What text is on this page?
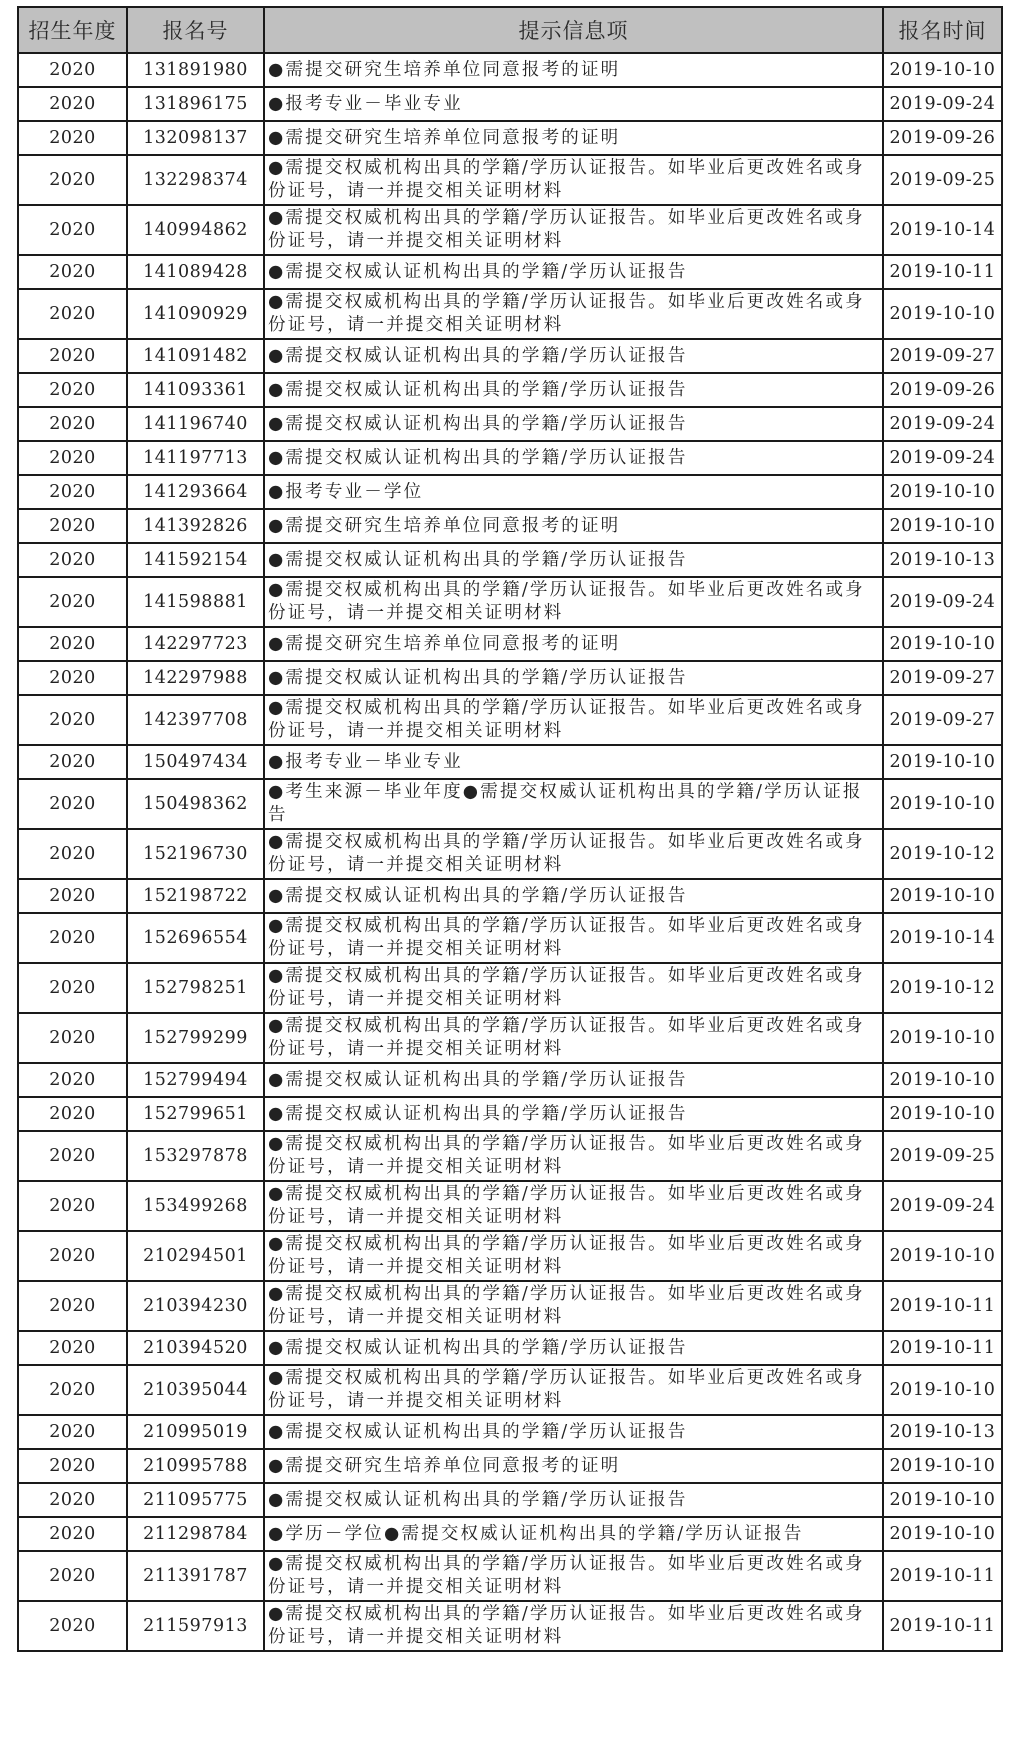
招生年度	报名号	提示信息项	报名时间
2020	131891980	●需提交研究生培养单位同意报考的证明	2019-10-10
2020	131896175	●报考专业－毕业专业	2019-09-24
2020	132098137	●需提交研究生培养单位同意报考的证明	2019-09-26
2020	132298374	●需提交权威机构出具的学籍/学历认证报告。如毕业后更改姓名或身份证号，请一并提交相关证明材料	2019-09-25
2020	140994862	●需提交权威机构出具的学籍/学历认证报告。如毕业后更改姓名或身份证号，请一并提交相关证明材料	2019-10-14
2020	141089428	●需提交权威认证机构出具的学籍/学历认证报告	2019-10-11
2020	141090929	●需提交权威机构出具的学籍/学历认证报告。如毕业后更改姓名或身份证号，请一并提交相关证明材料	2019-10-10
2020	141091482	●需提交权威认证机构出具的学籍/学历认证报告	2019-09-27
2020	141093361	●需提交权威认证机构出具的学籍/学历认证报告	2019-09-26
2020	141196740	●需提交权威认证机构出具的学籍/学历认证报告	2019-09-24
2020	141197713	●需提交权威认证机构出具的学籍/学历认证报告	2019-09-24
2020	141293664	●报考专业－学位	2019-10-10
2020	141392826	●需提交研究生培养单位同意报考的证明	2019-10-10
2020	141592154	●需提交权威认证机构出具的学籍/学历认证报告	2019-10-13
2020	141598881	●需提交权威机构出具的学籍/学历认证报告。如毕业后更改姓名或身份证号，请一并提交相关证明材料	2019-09-24
2020	142297723	●需提交研究生培养单位同意报考的证明	2019-10-10
2020	142297988	●需提交权威认证机构出具的学籍/学历认证报告	2019-09-27
2020	142397708	●需提交权威机构出具的学籍/学历认证报告。如毕业后更改姓名或身份证号，请一并提交相关证明材料	2019-09-27
2020	150497434	●报考专业－毕业专业	2019-10-10
2020	150498362	●考生来源－毕业年度●需提交权威认证机构出具的学籍/学历认证报告	2019-10-10
2020	152196730	●需提交权威机构出具的学籍/学历认证报告。如毕业后更改姓名或身份证号，请一并提交相关证明材料	2019-10-12
2020	152198722	●需提交权威认证机构出具的学籍/学历认证报告	2019-10-10
2020	152696554	●需提交权威机构出具的学籍/学历认证报告。如毕业后更改姓名或身份证号，请一并提交相关证明材料	2019-10-14
2020	152798251	●需提交权威机构出具的学籍/学历认证报告。如毕业后更改姓名或身份证号，请一并提交相关证明材料	2019-10-12
2020	152799299	●需提交权威机构出具的学籍/学历认证报告。如毕业后更改姓名或身份证号，请一并提交相关证明材料	2019-10-10
2020	152799494	●需提交权威认证机构出具的学籍/学历认证报告	2019-10-10
2020	152799651	●需提交权威认证机构出具的学籍/学历认证报告	2019-10-10
2020	153297878	●需提交权威机构出具的学籍/学历认证报告。如毕业后更改姓名或身份证号，请一并提交相关证明材料	2019-09-25
2020	153499268	●需提交权威机构出具的学籍/学历认证报告。如毕业后更改姓名或身份证号，请一并提交相关证明材料	2019-09-24
2020	210294501	●需提交权威机构出具的学籍/学历认证报告。如毕业后更改姓名或身份证号，请一并提交相关证明材料	2019-10-10
2020	210394230	●需提交权威机构出具的学籍/学历认证报告。如毕业后更改姓名或身份证号，请一并提交相关证明材料	2019-10-11
2020	210394520	●需提交权威认证机构出具的学籍/学历认证报告	2019-10-11
2020	210395044	●需提交权威机构出具的学籍/学历认证报告。如毕业后更改姓名或身份证号，请一并提交相关证明材料	2019-10-10
2020	210995019	●需提交权威认证机构出具的学籍/学历认证报告	2019-10-13
2020	210995788	●需提交研究生培养单位同意报考的证明	2019-10-10
2020	211095775	●需提交权威认证机构出具的学籍/学历认证报告	2019-10-10
2020	211298784	●学历－学位●需提交权威认证机构出具的学籍/学历认证报告	2019-10-10
2020	211391787	●需提交权威机构出具的学籍/学历认证报告。如毕业后更改姓名或身份证号，请一并提交相关证明材料	2019-10-11
2020	211597913	●需提交权威机构出具的学籍/学历认证报告。如毕业后更改姓名或身份证号，请一并提交相关证明材料	2019-10-11
